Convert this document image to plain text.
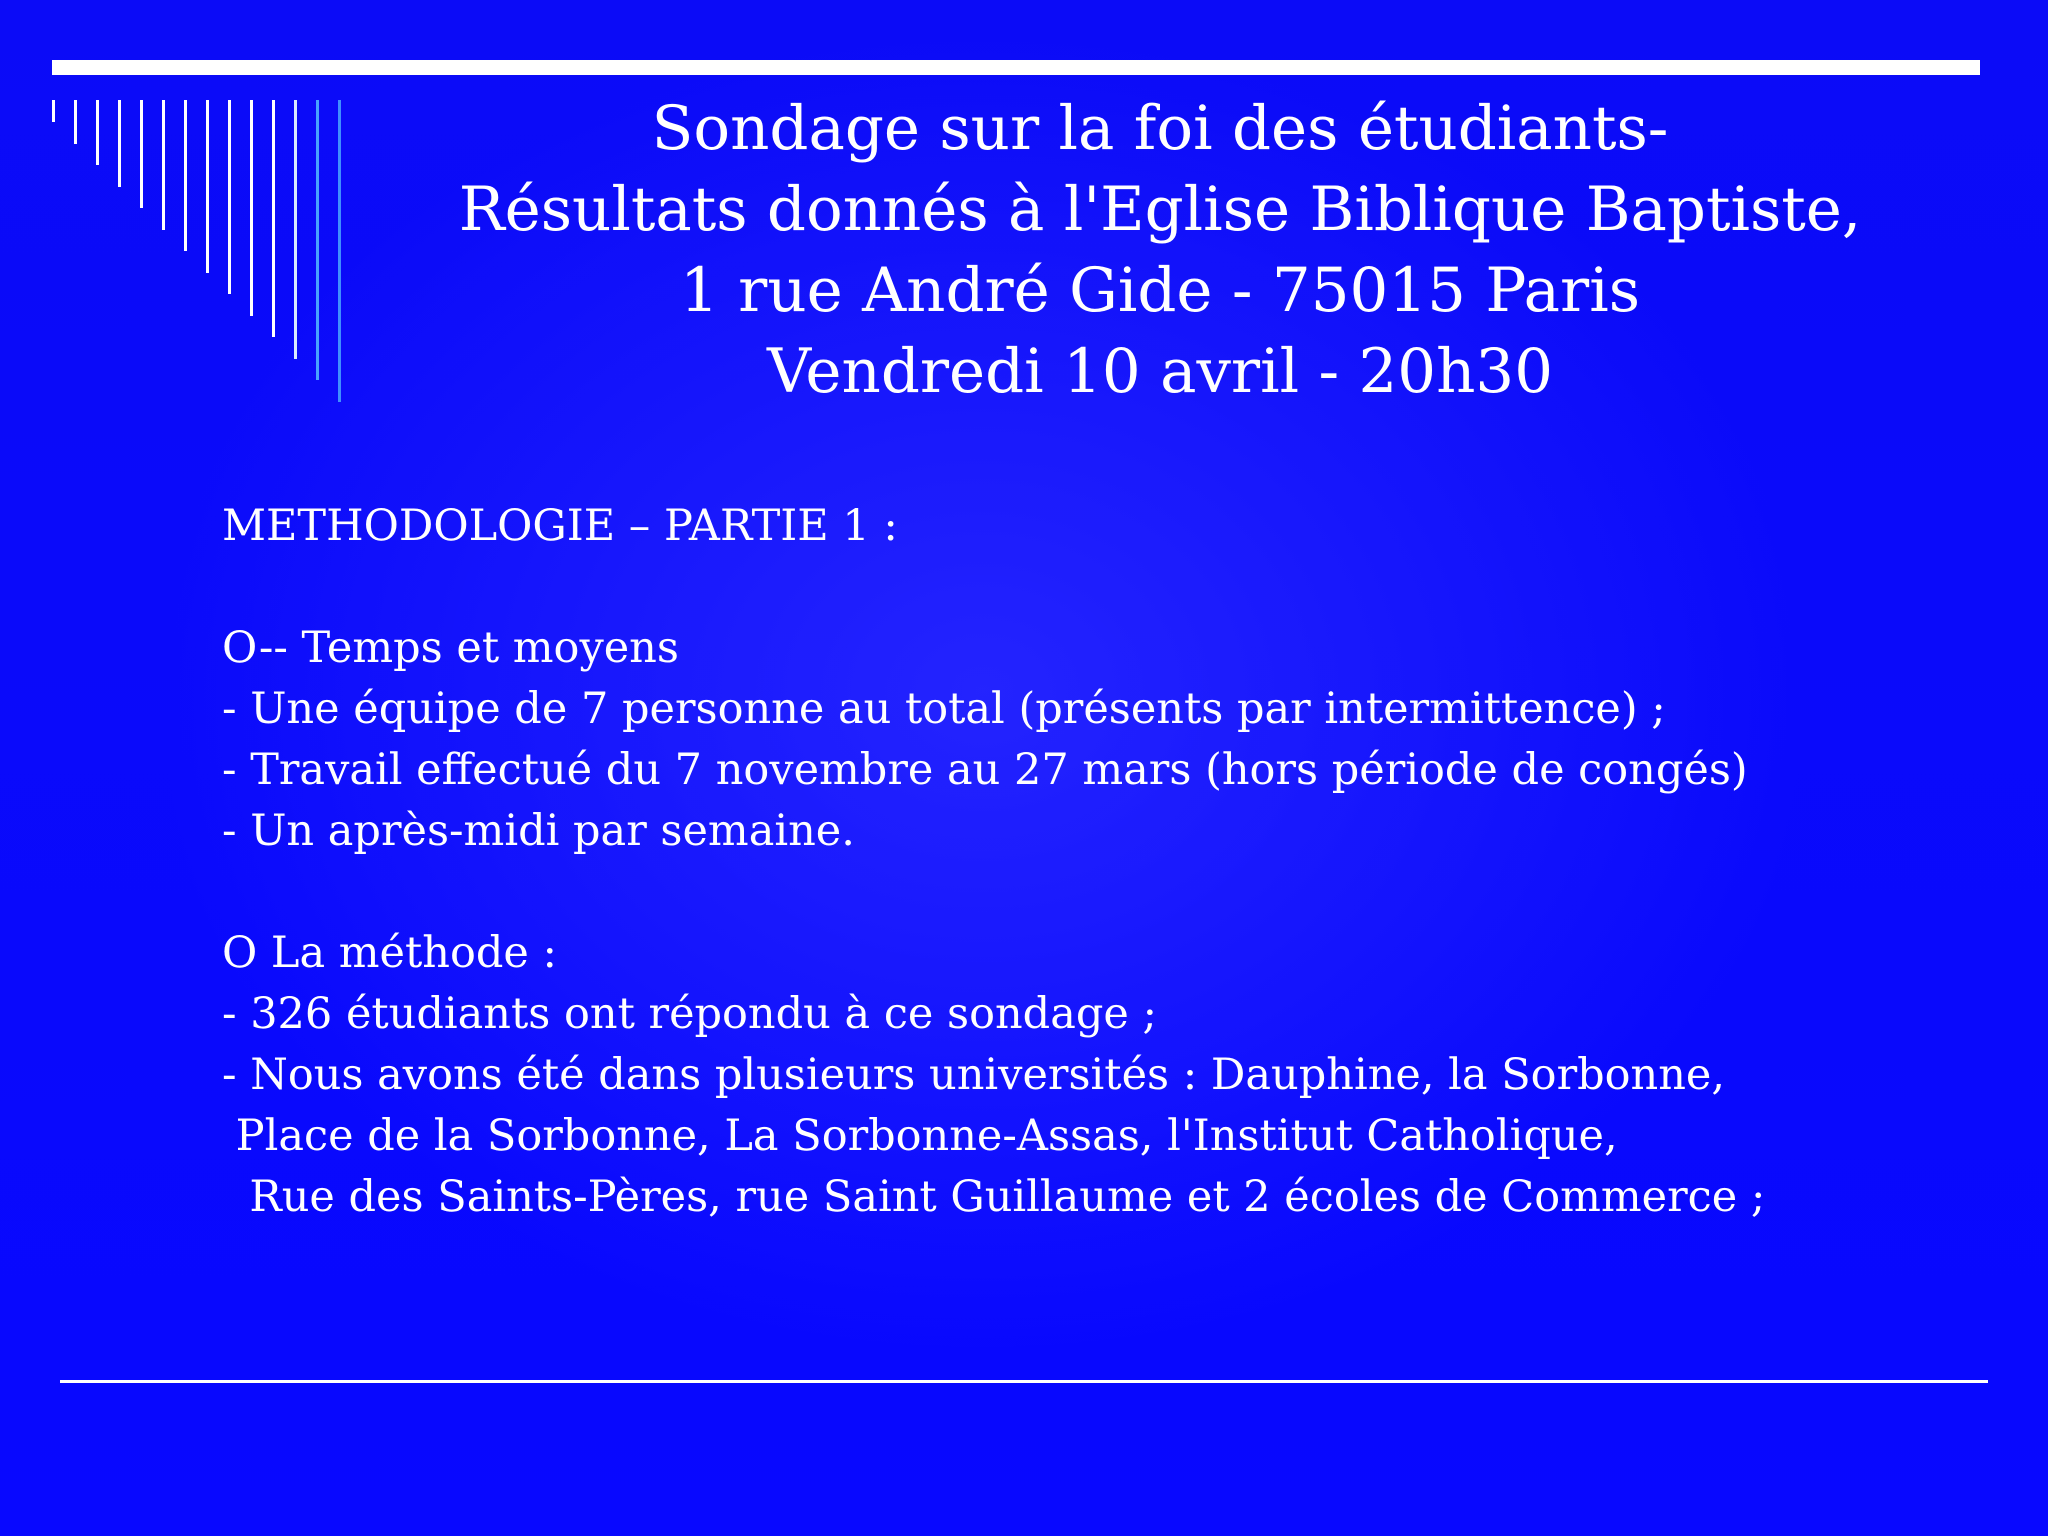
Sondage sur la foi des étudiants-
Résultats donnés à l'Eglise Biblique Baptiste,
1 rue André Gide - 75015 Paris
Vendredi 10 avril - 20h30
METHODOLOGIE – PARTIE 1 :
O-- Temps et moyens
- Une équipe de 7 personne au total (présents par intermittence) ;
- Travail effectué du 7 novembre au 27 mars (hors période de congés)
- Un après-midi par semaine.
O La méthode :
- 326 étudiants ont répondu à ce sondage ;
- Nous avons été dans plusieurs universités : Dauphine, la Sorbonne,
Place de la Sorbonne, La Sorbonne-Assas, l'Institut Catholique,
Rue des Saints-Pères, rue Saint Guillaume et 2 écoles de Commerce ;
